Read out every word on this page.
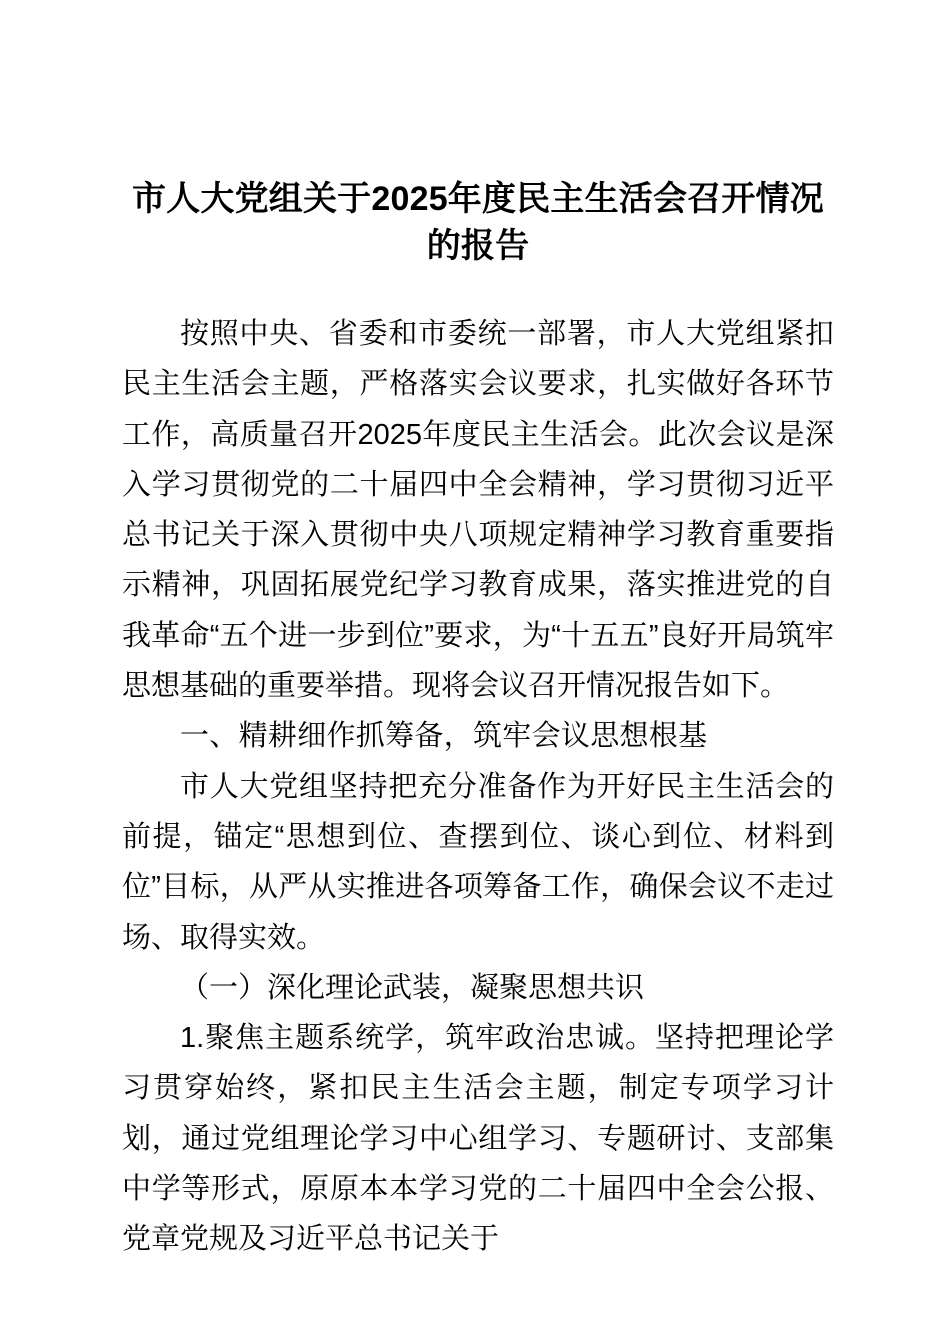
市人大党组关于2025年度民主生活会召开情况的报告

按照中央、省委和市委统一部署，市人大党组紧扣民主生活会主题，严格落实会议要求，扎实做好各环节工作，高质量召开2025年度民主生活会。此次会议是深入学习贯彻党的二十届四中全会精神，学习贯彻习近平总书记关于深入贯彻中央八项规定精神学习教育重要指示精神，巩固拓展党纪学习教育成果，落实推进党的自我革命“五个进一步到位”要求，为“十五五”良好开局筑牢思想基础的重要举措。现将会议召开情况报告如下。

一、精耕细作抓筹备，筑牢会议思想根基

市人大党组坚持把充分准备作为开好民主生活会的前提，锚定“思想到位、查摆到位、谈心到位、材料到位”目标，从严从实推进各项筹备工作，确保会议不走过场、取得实效。

（一）深化理论武装，凝聚思想共识

1.聚焦主题系统学，筑牢政治忠诚。坚持把理论学习贯穿始终，紧扣民主生活会主题，制定专项学习计划，通过党组理论学习中心组学习、专题研讨、支部集中学等形式，原原本本学习党的二十届四中全会公报、党章党规及习近平总书记关于
